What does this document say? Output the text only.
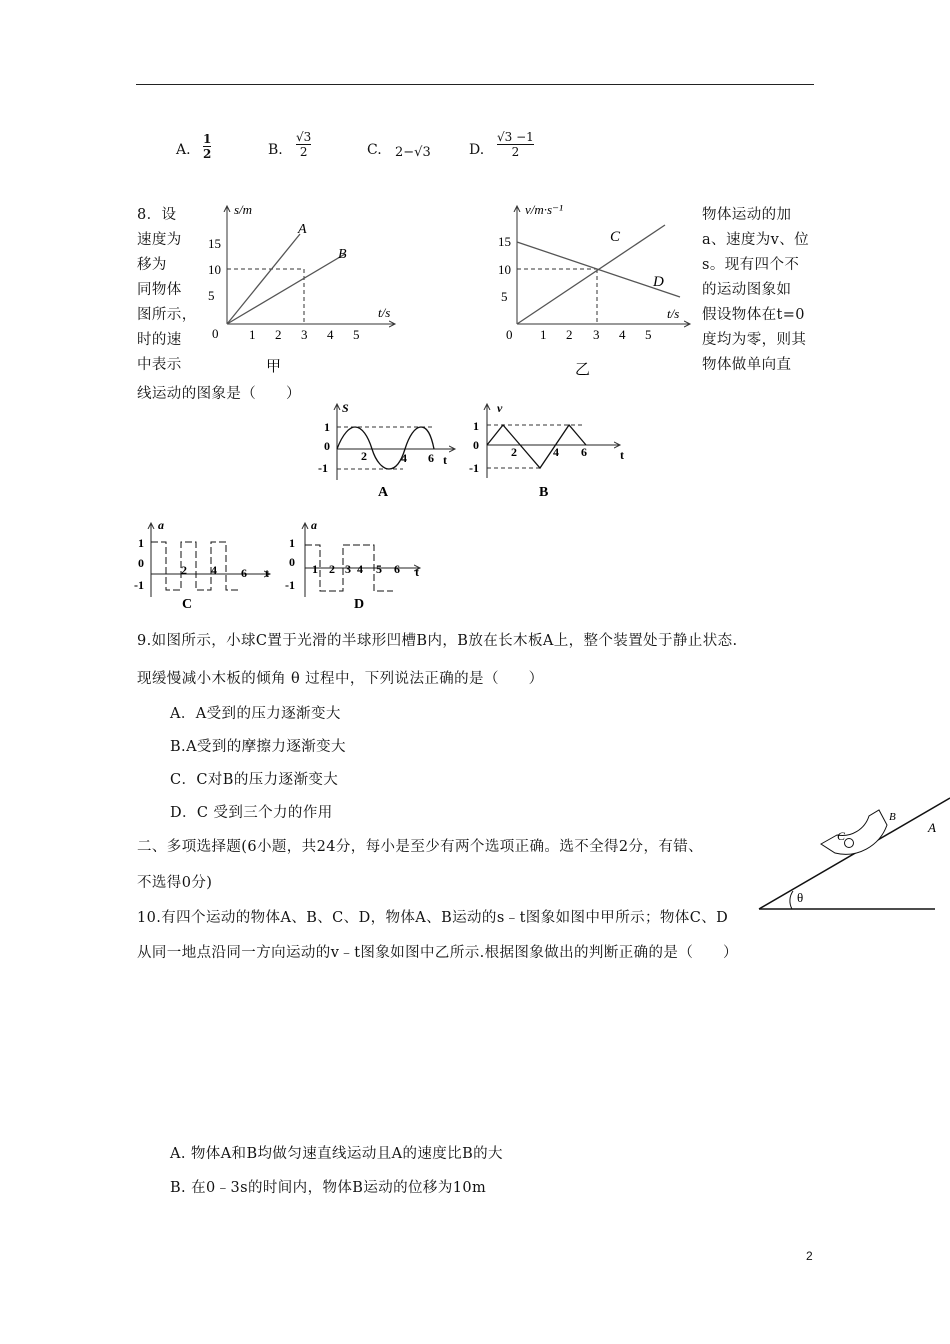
A.
1
2	B.
√3
2	C. 2−√3	D.
√3 −1
2
8．设
速度为
移为
同物体
图所示，
时的速
中表示
物体运动的加
a、速度为v、位
s。现有四个不
的运动图象如
假设物体在t=0
度均为零，则其
物体做单向直
线运动的图象是（　　）
s/m
t/s
0
5
10
15
1 2 3 4 5
A
B
甲
v/m·s⁻¹
t/s
0
5
10
15
1 2 3 4 5
C
D
乙
S
t
1
0
-1
2	4 6
A
v
t
1
0
-1
2	4 6
B
a
t
1
0
-1
2 4 6
C
a
t
1
0
-1
1 2 3 4 5 6
D
9.如图所示，小球C置于光滑的半球形凹槽B内，B放在长木板A上，整个装置处于静止状态.
现缓慢减小木板的倾角 θ 过程中，下列说法正确的是（　　）
A．A受到的压力逐渐变大
B.A受到的摩擦力逐渐变大
C．C对B的压力逐渐变大
D．C 受到三个力的作用
二、多项选择题(6小题，共24分，每小是至少有两个选项正确。选不全得2分，有错、
不选得0分)
θ
C
B
A
10.有四个运动的物体A、B、C、D，物体A、B运动的s﹣t图象如图中甲所示；物体C、D
从同一地点沿同一方向运动的v﹣t图象如图中乙所示.根据图象做出的判断正确的是（　　）
A. 物体A和B均做匀速直线运动且A的速度比B的大
B. 在0﹣3s的时间内，物体B运动的位移为10m
2
